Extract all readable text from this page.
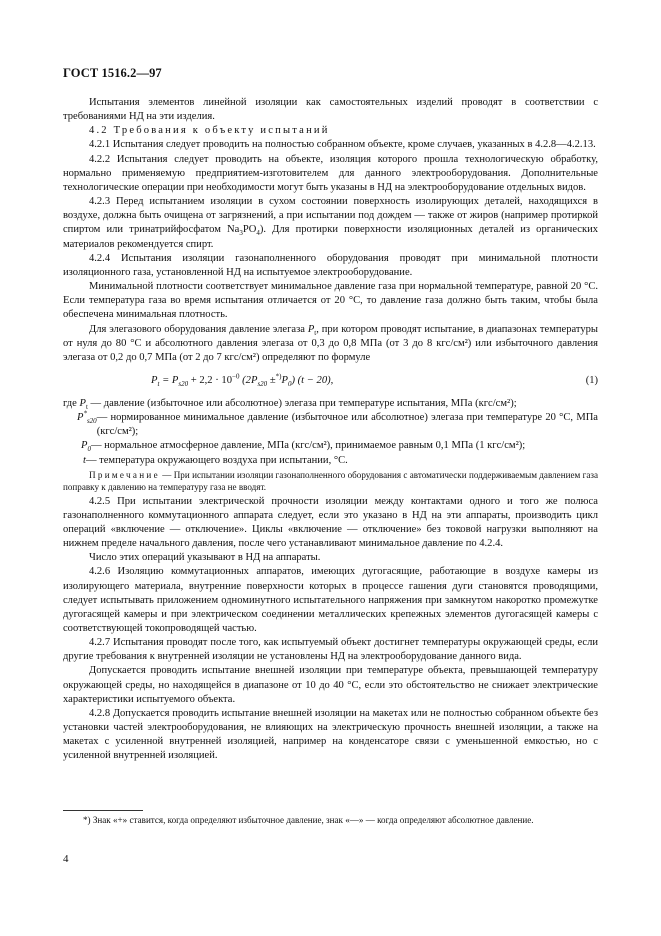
ГОСТ 1516.2—97

Испытания элементов линейной изоляции как самостоятельных изделий проводят в соответствии с требованиями НД на эти изделия.

4.2 Требования к объекту испытаний

4.2.1 Испытания следует проводить на полностью собранном объекте, кроме случаев, указанных в 4.2.8—4.2.13.

4.2.2 Испытания следует проводить на объекте, изоляция которого прошла технологическую обработку, нормально применяемую предприятием-изготовителем для данного электрооборудования. Дополнительные технологические операции при необходимости могут быть указаны в НД на электрооборудование отдельных видов.

4.2.3 Перед испытанием изоляции в сухом состоянии поверхность изолирующих деталей, находящихся в воздухе, должна быть очищена от загрязнений, а при испытании под дождем — также от жиров (например протиркой спиртом или тринатрийфосфатом $Na_3PO_4$). Для протирки поверхности изоляционных деталей из органических материалов рекомендуется спирт.

4.2.4 Испытания изоляции газонаполненного оборудования проводят при минимальной плотности изоляционного газа, установленной НД на испытуемое электрооборудование.

Минимальной плотности соответствует минимальное давление газа при нормальной температуре, равной 20 °С. Если температура газа во время испытания отличается от 20 °С, то давление газа должно быть таким, чтобы была обеспечена минимальная плотность.

Для элегазового оборудования давление элегаза $P_t$, при котором проводят испытание, в диапазонах температуры от нуля до 80 °С и абсолютного давления элегаза от 0,3 до 0,8 МПа (от 3 до 8 кгс/см²) или избыточного давления элегаза от 0,2 до 0,7 МПа (от 2 до 7 кгс/см²) определяют по формуле

$P_t = P_{s20} + 2,2 \cdot 10^{-0}$ $(2P_{s20} \pm^{*)}P_0) (t - 20)$,	(1)
где $P_t$ — давление (избыточное или абсолютное) элегаза при температуре испытания, МПа (кгс/см²);
$P^*_{s20}$ — нормированное минимальное давление (избыточное или абсолютное) элегаза при температуре 20 °С, МПа (кгс/см²);
$P_0$ — нормальное атмосферное давление, МПа (кгс/см²), принимаемое равным 0,1 МПа (1 кгс/см²);
t — температура окружающего воздуха при испытании, °С.
Примечание — При испытании изоляции газонаполненного оборудования с автоматически поддерживаемым давлением газа поправку к давлению на температуру газа не вводят.

4.2.5 При испытании электрической прочности изоляции между контактами одного и того же полюса газонаполненного коммутационного аппарата следует, если это указано в НД на эти аппараты, производить цикл операций «включение — отключение». Циклы «включение — отключение» без токовой нагрузки выполняют на нижнем пределе начального давления, после чего устанавливают минимальное давление по 4.2.4.

Число этих операций указывают в НД на аппараты.

4.2.6 Изоляцию коммутационных аппаратов, имеющих дугогасящие, работающие в воздухе камеры из изолирующего материала, внутренние поверхности которых в процессе гашения дуги становятся проводящими, следует испытывать приложением одноминутного испытательного напряжения при замкнутом накоротко промежутке дугогасящей камеры и при электрическом соединении металлических крепежных элементов дугогасящей камеры с соответствующей токопроводящей частью.

4.2.7 Испытания проводят после того, как испытуемый объект достигнет температуры окружающей среды, если другие требования к внутренней изоляции не установлены НД на электрооборудование данного вида.

Допускается проводить испытание внешней изоляции при температуре объекта, превышающей температуру окружающей среды, но находящейся в диапазоне от 10 до 40 °С, если это обстоятельство не снижает электрические характеристики испытуемого объекта.

4.2.8 Допускается проводить испытание внешней изоляции на макетах или не полностью собранном объекте без установки частей электрооборудования, не влияющих на электрическую прочность внешней изоляции, а также на макетах с усиленной внутренней изоляцией, например на конденсаторе связи с уменьшенной емкостью, но с усиленной внутренней изоляцией.

*) Знак «+» ставится, когда определяют избыточное давление, знак «—» — когда определяют абсолютное давление.
4
